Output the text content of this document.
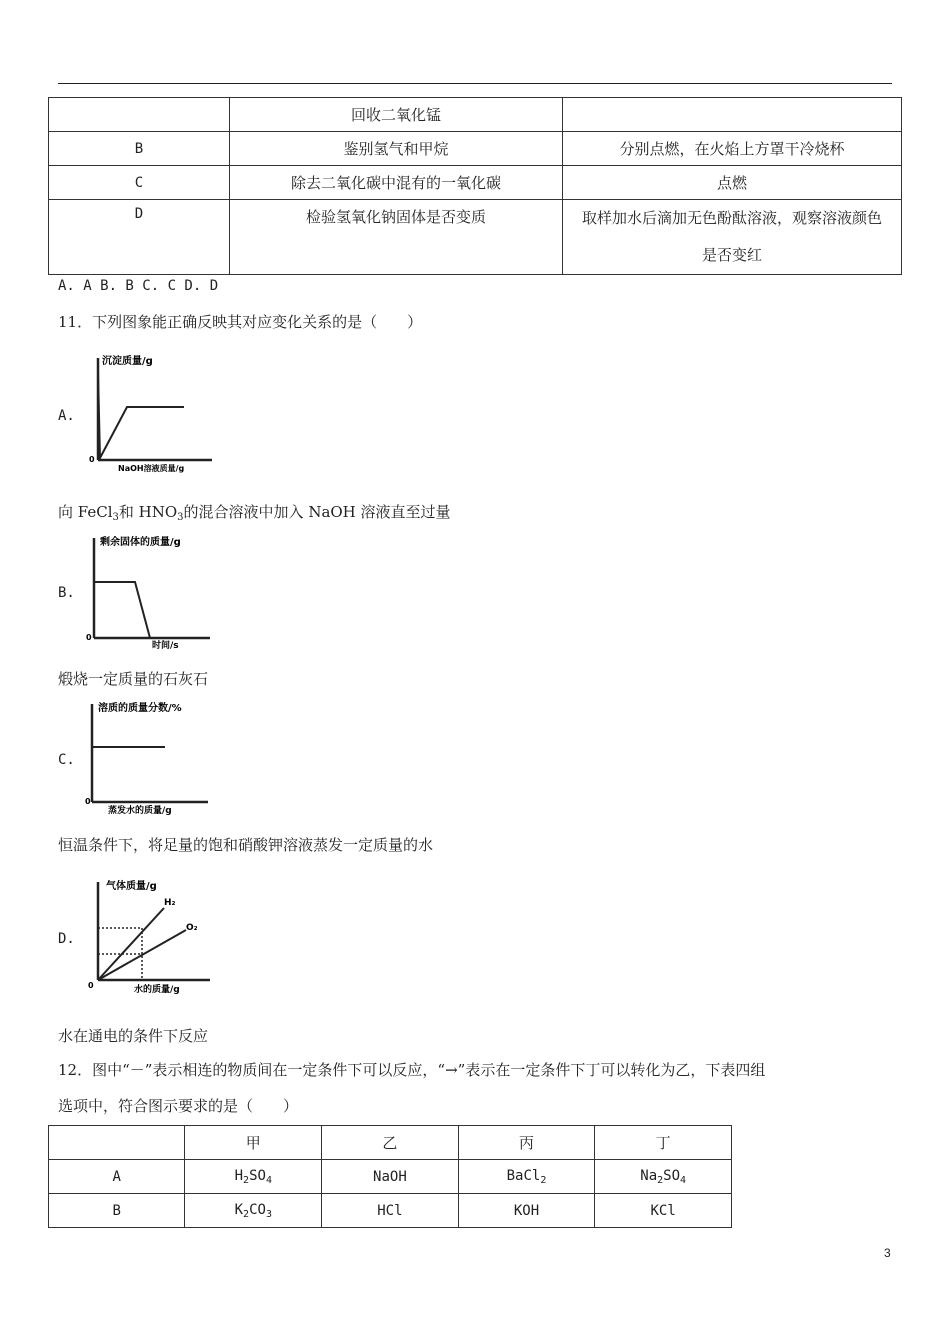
	回收二氧化锰	
B	鉴别氢气和甲烷	分别点燃，在火焰上方罩干冷烧杯
C	除去二氧化碳中混有的一氧化碳	点燃
D	检验氢氧化钠固体是否变质	取样加水后滴加无色酚酞溶液，观察溶液颜色是否变红
A. A B. B C. C D. D
11．下列图象能正确反映其对应变化关系的是（　　）
A.
沉淀质量/g
NaOH溶液质量/g
0
向 FeCl$_3$和 $HNO_3$的混合溶液中加入 NaOH 溶液直至过量
B.
剩余固体的质量/g
时间/s
0
煅烧一定质量的石灰石
C.
溶质的质量分数/%
蒸发水的质量/g
0
恒温条件下，将足量的饱和硝酸钾溶液蒸发一定质量的水
D.
气体质量/g
H₂
O₂
水的质量/g
0
水在通电的条件下反应
12．图中“－”表示相连的物质间在一定条件下可以反应，“→”表示在一定条件下丁可以转化为乙，下表四组
选项中，符合图示要求的是（　　）
	甲	乙	丙	丁
A	$H_2SO_4$	NaOH	BaCl$_2$	$Na_2SO_4$
B	$K_2CO_3$	HCl	KOH	KCl
3
